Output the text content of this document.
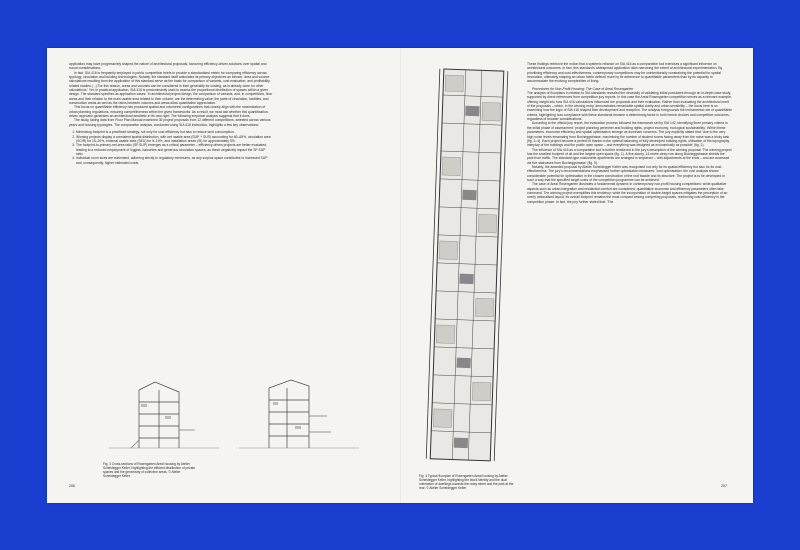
application may have progressively shaped the nature of architectural proposals, favouring efficiency-driven solutions over spatial and social considerations.

In fact, SIA 416 is frequently employed in public competition briefs to provide a standardised metric for comparing efficiency across typology, circulation and building technologies. Notably, the standard itself articulates its primary objectives as follows: 'area and volume calculations resulting from the application of this standard serve as the basis for comparison of variants, cost evaluation, and profitability-related studies (...) For this reason, areas and volumes can be considered in their generality for costing, as is already done for other calculations.' Yet, in practical application, SIA 416 is predominantly used to assess the proportional distribution of spaces within a given design. The standard specifies as application cases: 'in architectural project design, the comparison of variants, and, in competitions, floor areas and their relation to the main usable area related to their volume, are the determining value; the parts of circulation, facilities, and construction areas as well as the ratios between volumes and areas allow quantitative appreciation.'

This focus on quantifiable efficiency has produced spatial and volumetric configurations that closely align with the maximisation of urban planning regulations, ensuring competitiveness within the given frameworks. As a result, we must ask whether this quantification-driven approach generates an architectural aesthetic in its own right. The following empirical analysis suggests that it does.

The study, taking data from Floor Plan Manual examined 30 project proposals from 12 different competitions, selected across various years and housing typologies. The comparative analysis, conducted using SIA 416 instruction, highlights a few key observations:

1. Minimising footprint is a prioritised strategy, not only for cost efficiency but also to reduce land consumption.
2. Winning projects display a consistent spatial distribution, with net usable area (SUP + SUS) accounting for 60–65%, circulation area (SCIR) for 15–20%, external usable area (SEU) for 5–15%, and installation areas (SI) for approximately 5%.
3. The footprint-to-primary-net-area ratio (SF:SUP) emerges as a critical parameter – efficiency-driven projects are better evaluated, leading to a reduced employment of loggias, balconies and generous circulation spaces, as these negatively impact the SF:SUP ratio.
4. Individual room sizes are minimised, adhering strictly to regulatory minimums, as any surplus space contributes to increased SUP and, consequently, higher estimated costs.
Fig. 3 Cross-sections of Rosengarten Areal housing by Atelier Scheidegger Keller, highlighting the efficient distribution of private spaces and the generosity of collective areas. © Atelier Scheidegger Keller
206
Fig. 4 Typical floorplan of Rosengarten Areal housing by Atelier Scheidegger Keller, highlighting the block identity and the dual orientation of dwellings towards the noisy street and the park at the rear. © Atelier Scheidegger Keller

These findings reinforce the notion that a systemic reliance on SIA 416 as a comparative tool exercises a significant influence on architectural outcomes. In fact, this standard's widespread application risks narrowing the extent of architectural experimentation. By prioritising efficiency and cost-effectiveness, contemporary competitions may be unintentionally constraining the potential for spatial innovation, ultimately shaping an urban fabric defined more by its adherence to quantifiable parameters than by its capacity to accommodate the evolving complexities of living.

Procedures for Non-Profit Housing: The Case of Areal Rosengarten

The analysis of floorplans in relation to SIA standards revealed the necessity of validating initial postulates through an in-depth case study, supported by direct references from competition jury reports. In this case the Areal Rosengarten competition serves as a relevant example, offering insight into how SIA 416 calculations influenced the proposals and their evaluation. Rather than evaluating the architectural merit of the proposals – which, in the winning entry, demonstrates remarkable spatial clarity and urban sensibility – the focus here is on examining how the logic of SIA 416 shaped their development and reception. The analysis foregrounds the instrumental role of quantifiable criteria, highlighting how compliance with these standards became a determining factor in both formal choices and competitive outcomes, regardless of broader considerations.

According to the official jury report, the evaluation process followed the framework set by SIA 142, identifying three primary criteria in the initial phase of assessment: 'project planning perimeter and building rights, project economy, ecological sustainability.' Within these parameters, economic efficiency and spatial optimisation emerge as dominant concerns. The jury explicitly stated that: 'due to the very high noise levels emanating from Bucheggstrasse, maximising the number of student rooms facing away from the noise was a tricky task (fig. 3–4). Each project became a perfect fit thanks to the optimal balancing of fully developed building rights, utilisation of the topography, interplay of the buildings and the public open space – and everything was designed as economically as possible' (fig. 2).

The influence of SIA 416 as a comparative tool is further reinforced in the jury's description of the winning proposal 'The winning project has the smallest footprint of all and the largest open space (fig. 1). A five-storey, 14-metre-deep row along Bucheggstrasse shields the park from traffic. The standard-type maisonette apartments are arranged in sequence – with adjustments at the ends – and are accessed via five staircases from Bucheggstrasse' (fig. 5).

Notably, the awarded proposal by Atelier Scheidegger Keller was recognised not only for its spatial efficiency but also for its cost-effectiveness. The jury's recommendations emphasised further optimisation measures: 'cost optimisation: the cost analysis shows considerable potential for optimisation in the chosen construction of the roof facade and its structure. The project is to be developed in such a way that the specified target costs of the competition programme can be achieved.'

The case of Areal Rosengarten illustrates a fundamental dynamic in contemporary non-profit housing competitions: while qualitative aspects such as urban integration and residential comfort are considered, quantitative economic and efficiency parameters often take command. The winning project exemplifies this tendency: while the incorporation of double-height spaces mitigates the perception of an overly rationalised layout, its overall footprint remains the most compact among competing proposals, reinforcing cost-efficiency in the competition phase. In fact, the jury further stated that: 'The

207
